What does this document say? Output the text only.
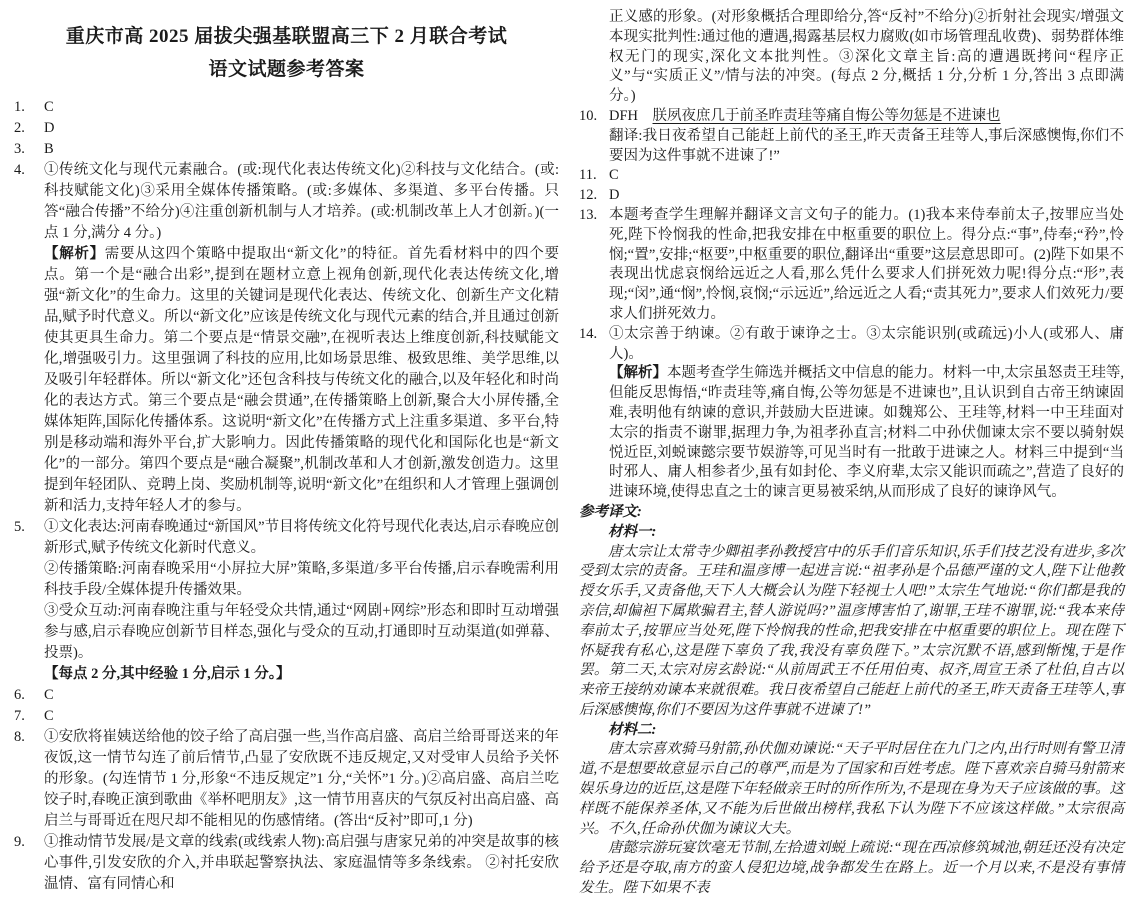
重庆市高 2025 届拔尖强基联盟高三下 2 月联合考试
语文试题参考答案
1.	C
2.	D
3.	B
4.	①传统文化与现代元素融合。(或:现代化表达传统文化)②科技与文化结合。(或:科技赋能文化)③采用全媒体传播策略。(或:多媒体、多渠道、多平台传播。只答“融合传播”不给分)④注重创新机制与人才培养。(或:机制改革上人才创新。)(一点 1 分,满分 4 分。)
【解析】需要从这四个策略中提取出“新文化”的特征。首先看材料中的四个要点。第一个是“融合出彩”,提到在题材立意上视角创新,现代化表达传统文化,增强“新文化”的生命力。这里的关键词是现代化表达、传统文化、创新生产文化精品,赋予时代意义。所以“新文化”应该是传统文化与现代元素的结合,并且通过创新使其更具生命力。第二个要点是“情景交融”,在视听表达上维度创新,科技赋能文化,增强吸引力。这里强调了科技的应用,比如场景思维、极致思维、美学思维,以及吸引年轻群体。所以“新文化”还包含科技与传统文化的融合,以及年轻化和时尚化的表达方式。第三个要点是“融会贯通”,在传播策略上创新,聚合大小屏传播,全媒体矩阵,国际化传播体系。这说明“新文化”在传播方式上注重多渠道、多平台,特别是移动端和海外平台,扩大影响力。因此传播策略的现代化和国际化也是“新文化”的一部分。第四个要点是“融合凝聚”,机制改革和人才创新,激发创造力。这里提到年轻团队、竞聘上岗、奖励机制等,说明“新文化”在组织和人才管理上强调创新和活力,支持年轻人才的参与。
5.	①文化表达:河南春晚通过“新国风”节目将传统文化符号现代化表达,启示春晚应创新形式,赋予传统文化新时代意义。
②传播策略:河南春晚采用“小屏拉大屏”策略,多渠道/多平台传播,启示春晚需利用科技手段/全媒体提升传播效果。
③受众互动:河南春晚注重与年轻受众共情,通过“网剧+网综”形态和即时互动增强参与感,启示春晚应创新节目样态,强化与受众的互动,打通即时互动渠道(如弹幕、投票)。
【每点 2 分,其中经验 1 分,启示 1 分。】
6.	C
7.	C
8.	①安欣将崔姨送给他的饺子给了高启强一些,当作高启盛、高启兰给哥哥送来的年夜饭,这一情节勾连了前后情节,凸显了安欣既不违反规定,又对受审人员给予关怀的形象。(勾连情节 1 分,形象“不违反规定”1 分,“关怀”1 分。)②高启盛、高启兰吃饺子时,春晚正演到歌曲《举杯吧朋友》,这一情节用喜庆的气氛反衬出高启盛、高启兰与哥哥近在咫尺却不能相见的伤感情绪。(答出“反衬”即可,1 分)
9.	①推动情节发展/是文章的线索(或线索人物):高启强与唐家兄弟的冲突是故事的核心事件,引发安欣的介入,并串联起警察执法、家庭温情等多条线索。 ②衬托安欣温情、富有同情心和
正义感的形象。(对形象概括合理即给分,答“反衬”不给分)②折射社会现实/增强文本现实批判性:通过他的遭遇,揭露基层权力腐败(如市场管理乱收费)、弱势群体维权无门的现实,深化文本批判性。③深化文章主旨:高的遭遇既拷问“程序正义”与“实质正义”/情与法的冲突。(每点 2 分,概括 1 分,分析 1 分,答出 3 点即满分。)
10. DFH　朕夙夜庶几于前圣昨责珪等痛自悔公等勿惩是不进谏也
翻译:我日夜希望自己能赶上前代的圣王,昨天责备王珪等人,事后深感懊悔,你们不要因为这件事就不进谏了!”
11. C
12. D
13. 本题考查学生理解并翻译文言文句子的能力。(1)我本来侍奉前太子,按罪应当处死,陛下怜悯我的性命,把我安排在中枢重要的职位上。得分点:“事”,侍奉;“矜”,怜悯;“置”,安排;“枢要”,中枢重要的职位,翻译出“重要”这层意思即可。(2)陛下如果不表现出忧虑哀悯给远近之人看,那么凭什么要求人们拼死效力呢!得分点:“形”,表现;“闵”,通“悯”,怜悯,哀悯;“示远近”,给远近之人看;“责其死力”,要求人们效死力/要求人们拼死效力。
14. ①太宗善于纳谏。②有敢于谏诤之士。③太宗能识别(或疏远)小人(或邪人、庸人)。
【解析】本题考查学生筛选并概括文中信息的能力。材料一中,太宗虽怒责王珪等,但能反思悔悟,“昨责珪等,痛自悔,公等勿惩是不进谏也”,且认识到自古帝王纳谏固难,表明他有纳谏的意识,并鼓励大臣进谏。如魏郑公、王珪等,材料一中王珪面对太宗的指责不谢罪,据理力争,为祖孝孙直言;材料二中孙伏伽谏太宗不要以骑射娱悦近臣,刘蜕谏懿宗要节娱游等,可见当时有一批敢于进谏之人。材料三中提到“当时邪人、庸人相参者少,虽有如封伦、李义府辈,太宗又能识而疏之”,营造了良好的进谏环境,使得忠直之士的谏言更易被采纳,从而形成了良好的谏诤风气。
参考译文:
材料一:
唐太宗让太常寺少卿祖孝孙教授宫中的乐手们音乐知识,乐手们技艺没有进步,多次受到太宗的责备。王珪和温彦博一起进言说:“祖孝孙是个品德严谨的文人,陛下让他教授女乐手,又责备他,天下人大概会认为陛下轻视士人吧!”太宗生气地说:“你们都是我的亲信,却偏袒下属欺骗君主,替人游说吗?”温彦博害怕了,谢罪,王珪不谢罪,说:“我本来侍奉前太子,按罪应当处死,陛下怜悯我的性命,把我安排在中枢重要的职位上。现在陛下怀疑我有私心,这是陛下辜负了我,我没有辜负陛下。”太宗沉默不语,感到惭愧,于是作罢。第二天,太宗对房玄龄说:“从前周武王不任用伯夷、叔齐,周宣王杀了杜伯,自古以来帝王接纳劝谏本来就很难。我日夜希望自己能赶上前代的圣王,昨天责备王珪等人,事后深感懊悔,你们不要因为这件事就不进谏了!”
材料二:
唐太宗喜欢骑马射箭,孙伏伽劝谏说:“天子平时居住在九门之内,出行时则有警卫清道,不是想要故意显示自己的尊严,而是为了国家和百姓考虑。陛下喜欢亲自骑马射箭来娱乐身边的近臣,这是陛下年轻做亲王时的所作所为,不是现在身为天子应该做的事。这样既不能保养圣体,又不能为后世做出榜样,我私下认为陛下不应该这样做。”太宗很高兴。不久,任命孙伏伽为谏议大夫。
唐懿宗游玩宴饮毫无节制,左拾遗刘蜕上疏说:“现在西凉修筑城池,朝廷还没有决定给予还是夺取,南方的蛮人侵犯边境,战争都发生在路上。近一个月以来,不是没有事情发生。陛下如果不表
